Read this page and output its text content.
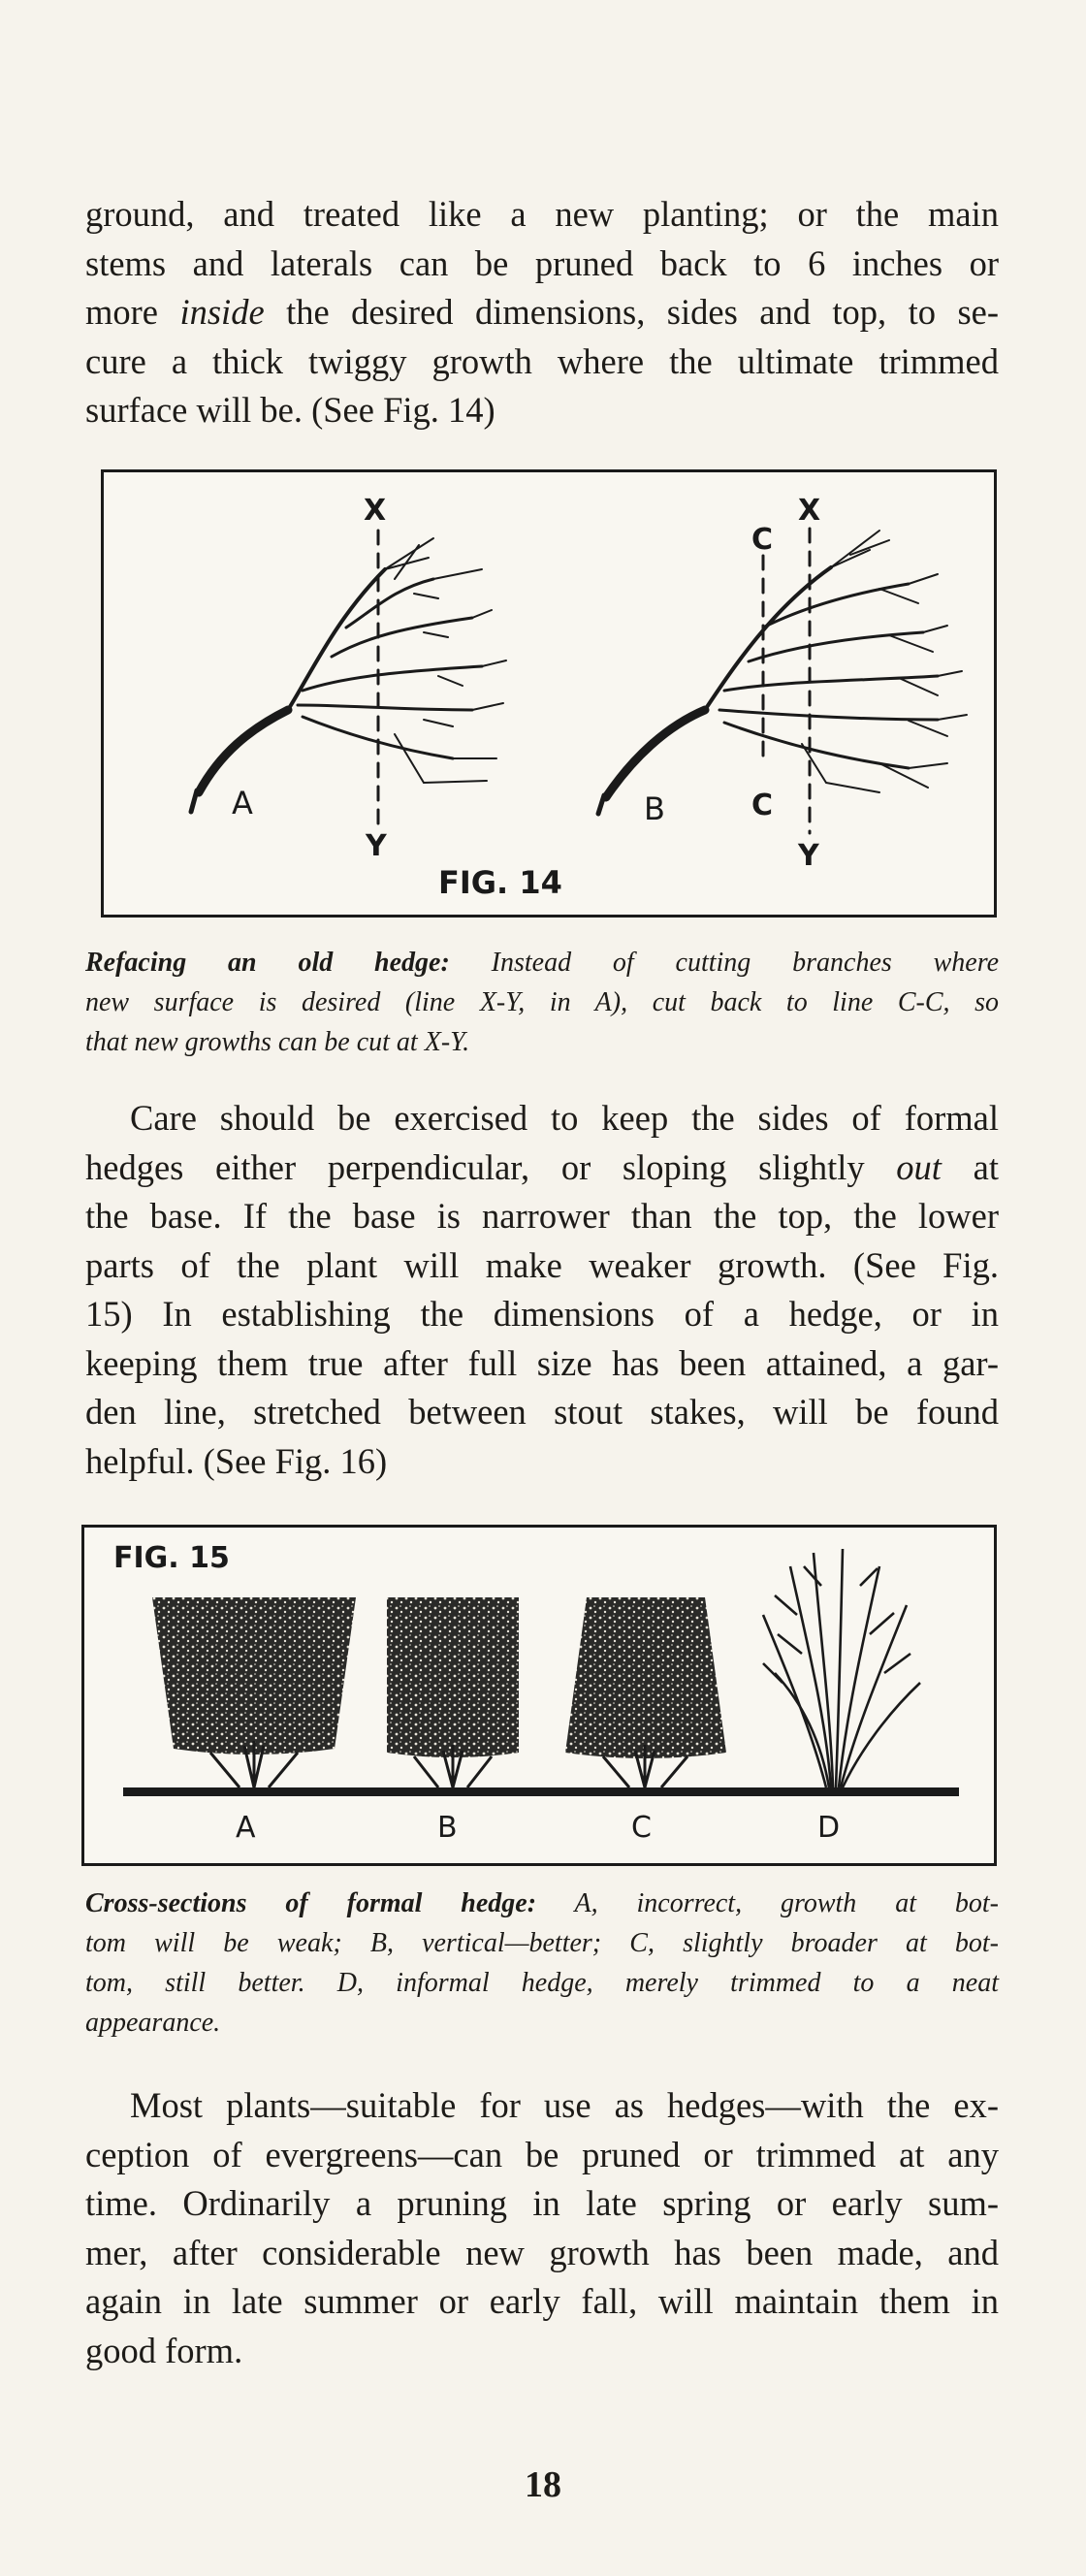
ground, and treated like a new planting; or the main
stems and laterals can be pruned back to 6 inches or
more inside the desired dimensions, sides and top, to se-
cure a thick twiggy growth where the ultimate trimmed
surface will be. (See Fig. 14)

X
Y
A	B
C
C
X
Y
FIG. 14

Refacing an old hedge: Instead of cutting branches where
new surface is desired (line X-Y, in A), cut back to line C-C, so
that new growths can be cut at X-Y.

Care should be exercised to keep the sides of formal
hedges either perpendicular, or sloping slightly out at
the base. If the base is narrower than the top, the lower
parts of the plant will make weaker growth. (See Fig.
15) In establishing the dimensions of a hedge, or in
keeping them true after full size has been attained, a gar-
den line, stretched between stout stakes, will be found
helpful. (See Fig. 16)

FIG. 15
A	B	C	D

Cross-sections of formal hedge: A, incorrect, growth at bot-
tom will be weak; B, vertical—better; C, slightly broader at bot-
tom, still better. D, informal hedge, merely trimmed to a neat
appearance.

Most plants—suitable for use as hedges—with the ex-
ception of evergreens—can be pruned or trimmed at any
time. Ordinarily a pruning in late spring or early sum-
mer, after considerable new growth has been made, and
again in late summer or early fall, will maintain them in
good form.

18
